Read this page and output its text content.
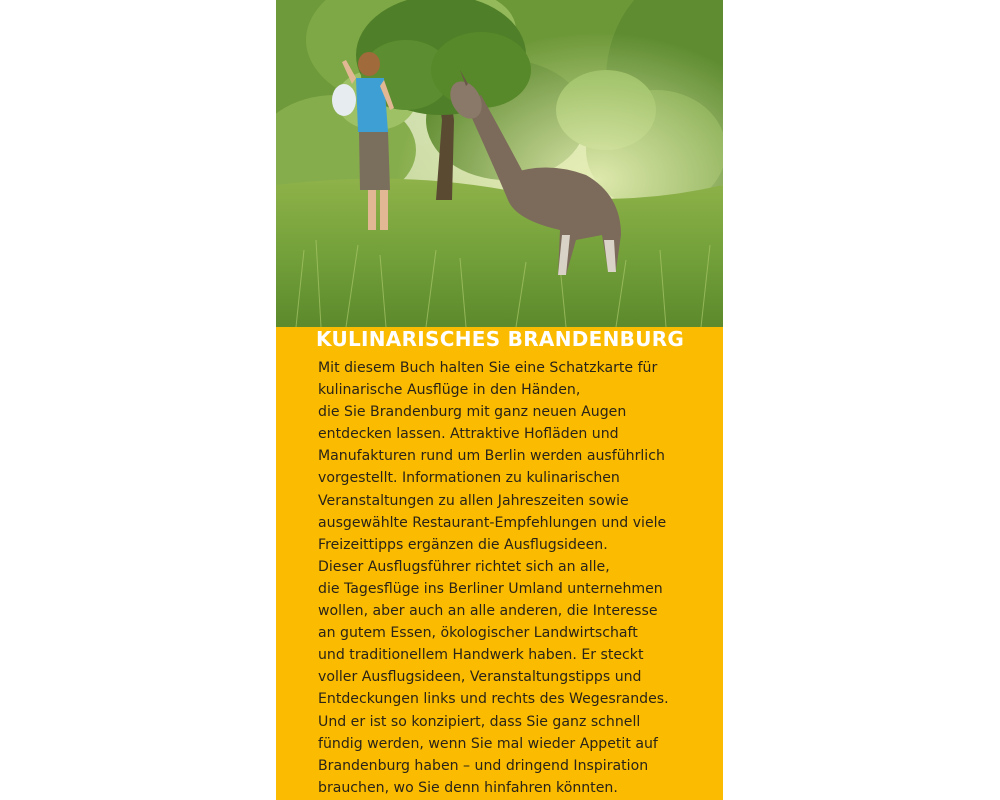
KULINARISCHES BRANDENBURG
Mit diesem Buch halten Sie eine Schatzkarte für
kulinarische Ausflüge in den Händen,
die Sie Brandenburg mit ganz neuen Augen
entdecken lassen. Attraktive Hofläden und
Manufakturen rund um Berlin werden ausführlich
vorgestellt. Informationen zu kulinarischen
Veranstaltungen zu allen Jahreszeiten sowie
ausgewählte Restaurant-Empfehlungen und viele
Freizeittipps ergänzen die Ausflugsideen.
Dieser Ausflugsführer richtet sich an alle,
die Tagesflüge ins Berliner Umland unternehmen
wollen, aber auch an alle anderen, die Interesse
an gutem Essen, ökologischer Landwirtschaft
und traditionellem Handwerk haben. Er steckt
voller Ausflugsideen, Veranstaltungstipps und
Entdeckungen links und rechts des Wegesrandes.
Und er ist so konzipiert, dass Sie ganz schnell
fündig werden, wenn Sie mal wieder Appetit auf
Brandenburg haben – und dringend Inspiration
brauchen, wo Sie denn hinfahren könnten.
